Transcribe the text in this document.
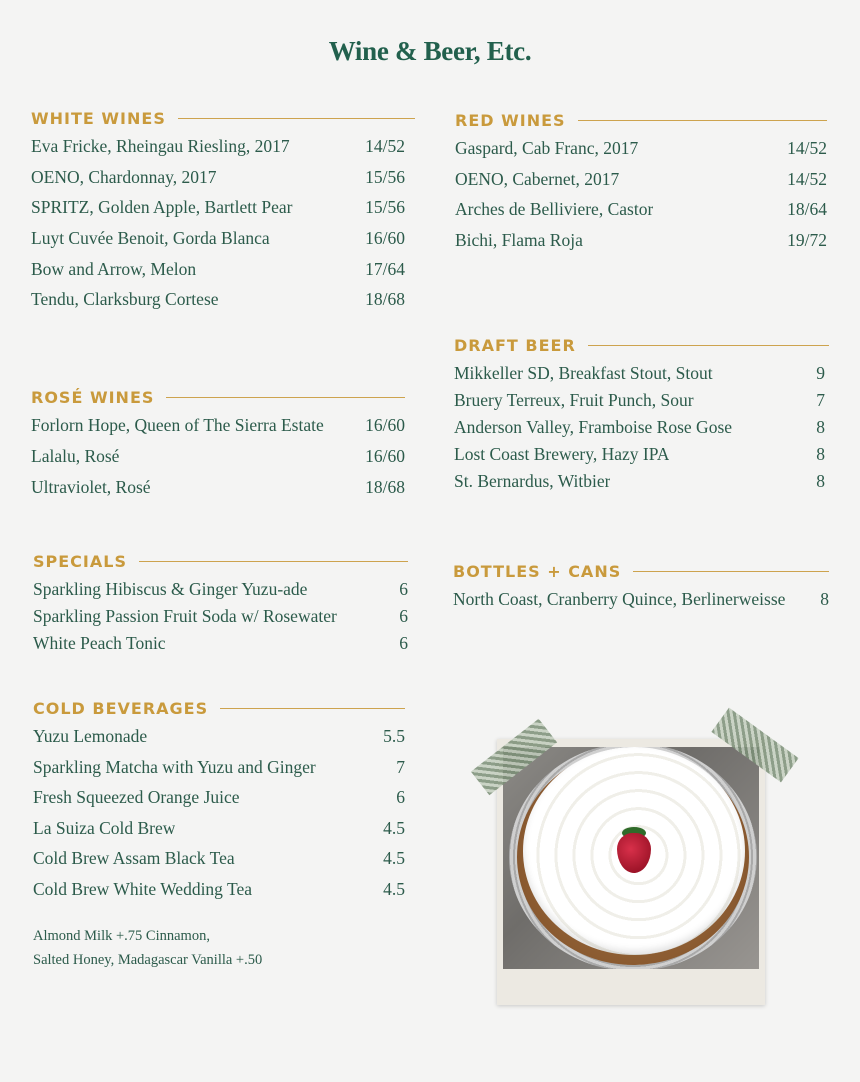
Wine & Beer, Etc.
WHITE WINES
Eva Fricke, Rheingau Riesling, 2017	14/52
OENO, Chardonnay, 2017	15/56
SPRITZ, Golden Apple, Bartlett Pear	15/56
Luyt Cuvée Benoit, Gorda Blanca	16/60
Bow and Arrow, Melon	17/64
Tendu, Clarksburg Cortese	18/68
ROSÉ WINES
Forlorn Hope, Queen of The Sierra Estate 16/60
Lalalu, Rosé	16/60
Ultraviolet, Rosé	18/68
SPECIALS
Sparkling Hibiscus & Ginger Yuzu-ade	6
Sparkling Passion Fruit Soda w/ Rosewater	6
White Peach Tonic	6
COLD BEVERAGES
Yuzu Lemonade	5.5
Sparkling Matcha with Yuzu and Ginger	7
Fresh Squeezed Orange Juice	6
La Suiza Cold Brew	4.5
Cold Brew Assam Black Tea	4.5
Cold Brew White Wedding Tea	4.5
Almond Milk +.75 Cinnamon,
Salted Honey, Madagascar Vanilla +.50
RED WINES
Gaspard, Cab Franc, 2017	14/52
OENO, Cabernet, 2017	14/52
Arches de Belliviere, Castor	18/64
Bichi, Flama Roja	19/72
DRAFT BEER
Mikkeller SD, Breakfast Stout, Stout	9
Bruery Terreux, Fruit Punch, Sour	7
Anderson Valley, Framboise Rose Gose	8
Lost Coast Brewery, Hazy IPA	8
St. Bernardus, Witbier	8
BOTTLES + CANS
North Coast, Cranberry Quince, Berlinerweisse 8
